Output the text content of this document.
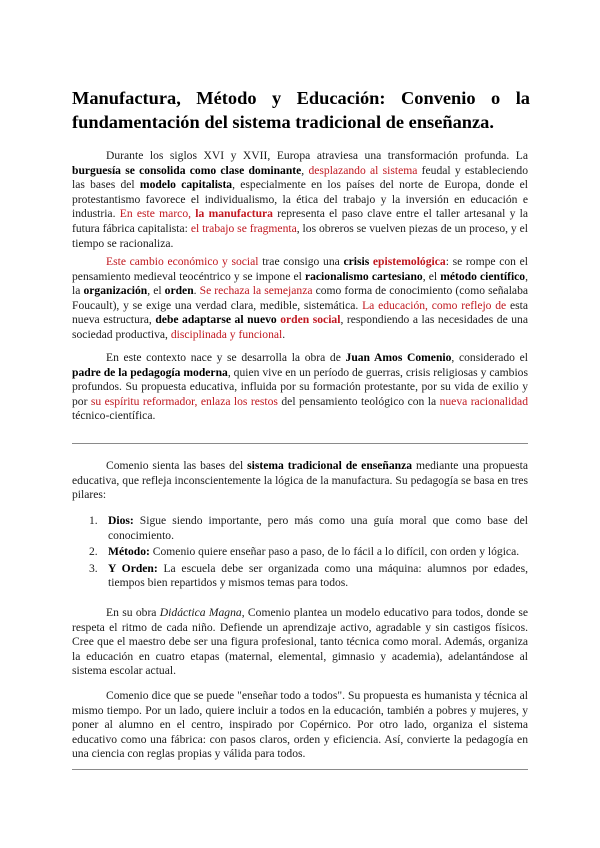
Manufactura, Método y Educación: Convenio o la
fundamentación del sistema tradicional de enseñanza.
Durante los siglos XVI y XVII, Europa atraviesa una transformación profunda. La burguesía se consolida como clase dominante, desplazando al sistema feudal y estableciendo las bases del modelo capitalista, especialmente en los países del norte de Europa, donde el protestantismo favorece el individualismo, la ética del trabajo y la inversión en educación e industria. En este marco, la manufactura representa el paso clave entre el taller artesanal y la futura fábrica capitalista: el trabajo se fragmenta, los obreros se vuelven piezas de un proceso, y el tiempo se racionaliza.
Este cambio económico y social trae consigo una crisis epistemológica: se rompe con el pensamiento medieval teocéntrico y se impone el racionalismo cartesiano, el método científico, la organización, el orden. Se rechaza la semejanza como forma de conocimiento (como señalaba Foucault), y se exige una verdad clara, medible, sistemática. La educación, como reflejo de esta nueva estructura, debe adaptarse al nuevo orden social, respondiendo a las necesidades de una sociedad productiva, disciplinada y funcional.
En este contexto nace y se desarrolla la obra de Juan Amos Comenio, considerado el padre de la pedagogía moderna, quien vive en un período de guerras, crisis religiosas y cambios profundos. Su propuesta educativa, influida por su formación protestante, por su vida de exilio y por su espíritu reformador, enlaza los restos del pensamiento teológico con la nueva racionalidad técnico-científica.
Comenio sienta las bases del sistema tradicional de enseñanza mediante una propuesta educativa, que refleja inconscientemente la lógica de la manufactura. Su pedagogía se basa en tres pilares:
1. Dios: Sigue siendo importante, pero más como una guía moral que como base del conocimiento.
2. Método: Comenio quiere enseñar paso a paso, de lo fácil a lo difícil, con orden y lógica.
3. Y Orden: La escuela debe ser organizada como una máquina: alumnos por edades, tiempos bien repartidos y mismos temas para todos.
En su obra Didáctica Magna, Comenio plantea un modelo educativo para todos, donde se respeta el ritmo de cada niño. Defiende un aprendizaje activo, agradable y sin castigos físicos. Cree que el maestro debe ser una figura profesional, tanto técnica como moral. Además, organiza la educación en cuatro etapas (maternal, elemental, gimnasio y academia), adelantándose al sistema escolar actual.
Comenio dice que se puede "enseñar todo a todos". Su propuesta es humanista y técnica al mismo tiempo. Por un lado, quiere incluir a todos en la educación, también a pobres y mujeres, y poner al alumno en el centro, inspirado por Copérnico. Por otro lado, organiza el sistema educativo como una fábrica: con pasos claros, orden y eficiencia. Así, convierte la pedagogía en una ciencia con reglas propias y válida para todos.
